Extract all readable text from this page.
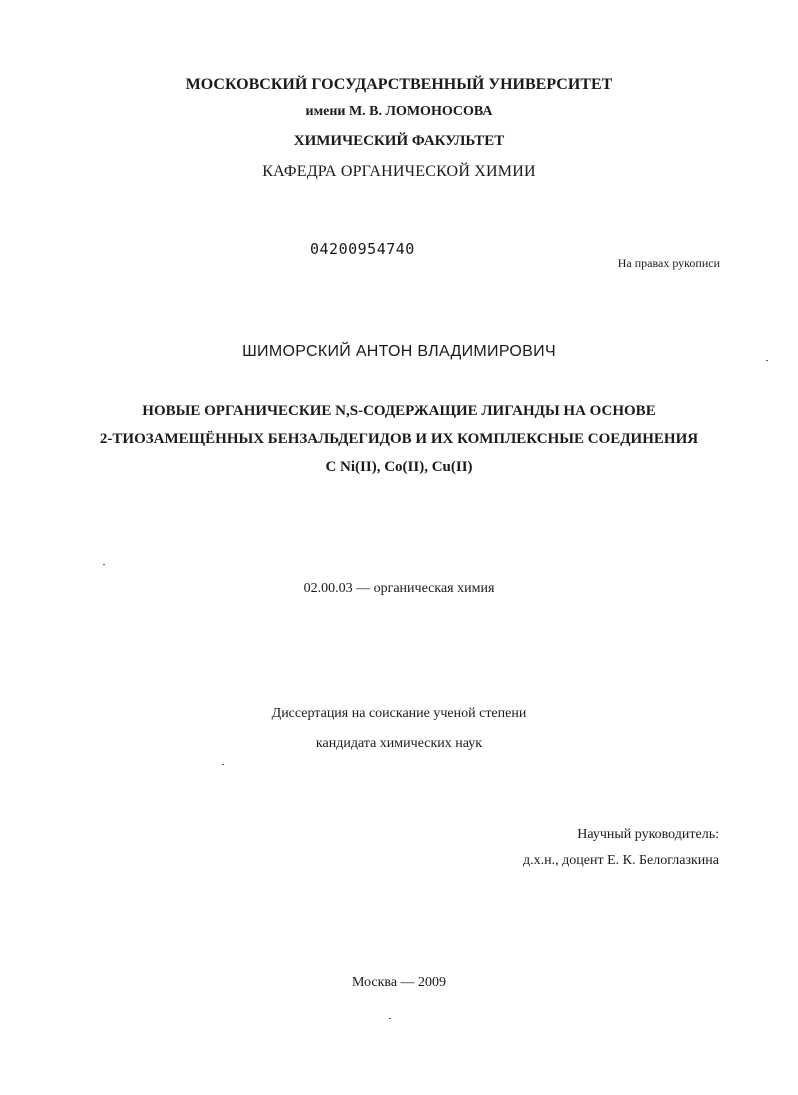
МОСКОВСКИЙ ГОСУДАРСТВЕННЫЙ УНИВЕРСИТЕТ
имени М. В. ЛОМОНОСОВА
ХИМИЧЕСКИЙ ФАКУЛЬТЕТ
КАФЕДРА ОРГАНИЧЕСКОЙ ХИМИИ
04200954740
На правах рукописи
ШИМОРСКИЙ АНТОН ВЛАДИМИРОВИЧ
НОВЫЕ ОРГАНИЧЕСКИЕ N,S-СОДЕРЖАЩИЕ ЛИГАНДЫ НА ОСНОВЕ
2-ТИОЗАМЕЩЁННЫХ БЕНЗАЛЬДЕГИДОВ И ИХ КОМПЛЕКСНЫЕ СОЕДИНЕНИЯ
С Ni(II), Co(II), Cu(II)
02.00.03 — органическая химия
Диссертация на соискание ученой степени
кандидата химических наук
Научный руководитель:
д.х.н., доцент Е. К. Белоглазкина
Москва — 2009
